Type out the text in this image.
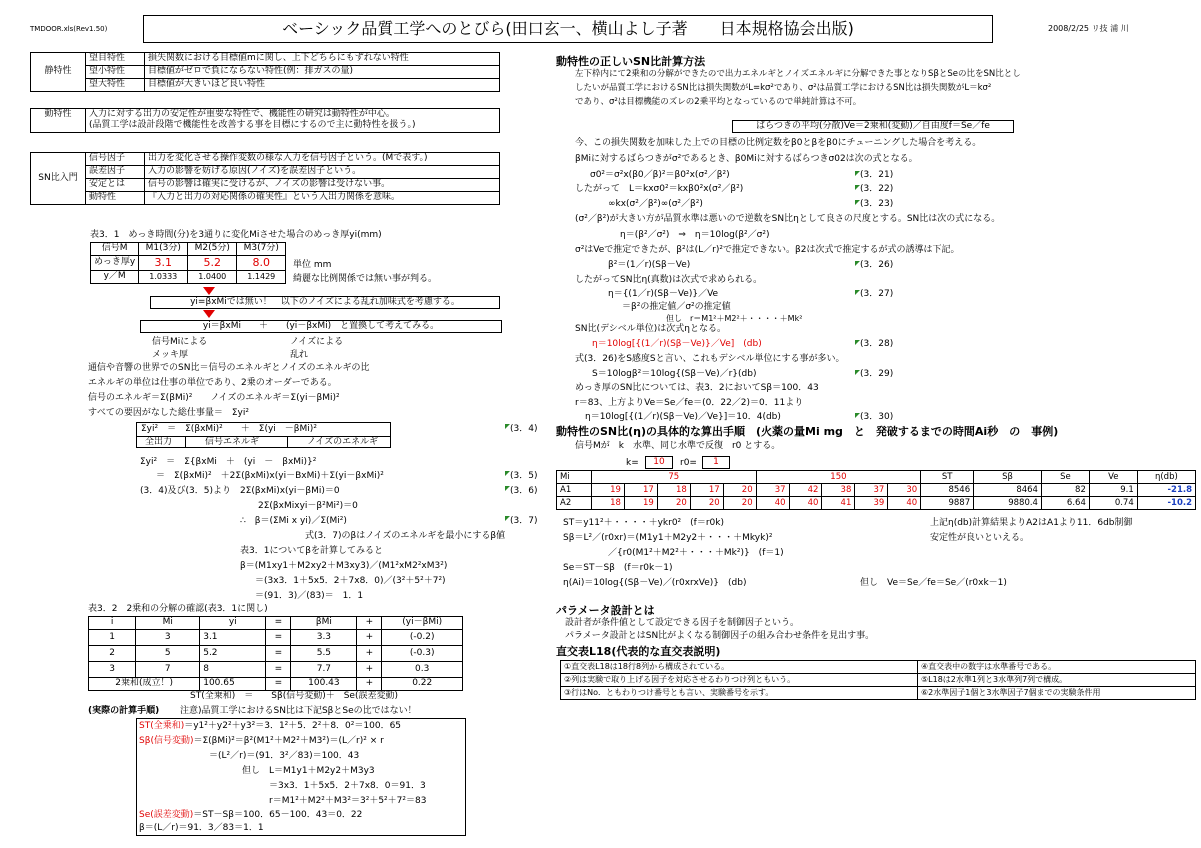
TMDOOR.xls(Rev1.50)	ベーシック品質工学へのとびら(田口玄一、横山よし子著　　日本規格協会出版)	2008/2/25 リ技 浦 川
静特性	望目特性	損失関数における目標値mに関し、上下どちらにもずれない特性
	望小特性	目標値がゼロで負にならない特性(例：排ガスの量)
	望大特性	目標値が大きいほど良い特性
動特性	入力に対する出力の安定性が重要な特性で、機能性の研究は動特性が中心。
(品質工学は設計段階で機能性を改善する事を目標にするので主に動特性を扱う。)
SN比入門	信号因子	出力を変化させる操作変数の様な入力を信号因子という。(Mで表す。)
	誤差因子	入力の影響を妨げる原因(ノイズ)を誤差因子という。
	安定とは	信号の影響は確実に受けるが、ノイズの影響は受けない事。
	動特性	『入力と出力の対応関係の確実性』という入出力関係を意味。
表3．1　めっき時間(分)を3通りに変化Miさせた場合のめっき厚yi(mm)
信号M	M1(3分)	M2(5分)	M3(7分)
めっき厚y	3.1	5.2	8.0
y／M	1.0333	1.0400	1.1429
単位 mm
綺麗な比例関係では無い事が判る。
yi=βxMiでは無い！　以下のノイズによる乱れ加味式を考慮する。
yi＝βxMi　　＋　　(yi－βxMi)　と置換して考えてみる。
信号Miによる	ノイズによる
メッキ厚	乱れ
通信や音響の世界でのSN比＝信号のエネルギとノイズのエネルギの比
エネルギの単位は仕事の単位であり、2乗のオーダーである。
信号のエネルギ＝Σ(βMi)²　　ノイズのエネルギ＝Σ(yi－βMi)²
すべての要因がなした総仕事量＝　Σyi²
Σyi²　＝　Σ(βxMi)²　　＋　Σ(yi　－βMi)²
全出力	信号エネルギ	ノイズのエネルギ
(3．4)
Σyi²　＝　Σ{βxMi　＋　(yi　－　βxMi)}²
＝　Σ(βxMi)²　＋2Σ(βxMi)x(yi－BxMi)＋Σ(yi－βxMi)²	(3．5)
(3．4)及び(3．5)より　2Σ(βxMi)x(yi－βMi)＝0	(3．6)
2Σ(βxMixyi－β²Mi²)＝0
∴　β＝(ΣMi x yi)／Σ(Mi²)	(3．7)
式(3．7)のβはノイズのエネルギを最小にするβ値
表3．1についてβを計算してみると
β＝(M1xy1＋M2xy2＋M3xy3)／(M1²xM2²xM3²)
＝(3x3．1＋5x5．2＋7x8．0)／(3²＋5²＋7²)
＝(91．3)／(83)＝　1．1
表3．2　2乗和の分解の確認(表3．1に関し)
i	Mi	yi	=	βMi	+	(yi－βMi)
1	3	3.1	=	3.3	+	(-0.2)
2	5	5.2	=	5.5	+	(-0.3)
3	7	8	=	7.7	+	0.3
2乗和(成立！)		100.65	=	100.43	+	0.22
ST(全乗和)　＝　　Sβ(信号変動)＋　Se(誤差変動)
(実際の計算手順) 注意)品質工学におけるSN比は下記SβとSeの比ではない！
ST(全乗和)＝y1²＋y2²＋y3²＝3．1²＋5．2²＋8．0²＝100．65
Sβ(信号変動)＝Σ(βMi)²＝β²(M1²＋M2²＋M3²)＝(L／r)² × r
＝(L²／r)＝(91．3²／83)＝100．43
但し　L＝M1y1＋M2y2＋M3y3
＝3x3．1＋5x5．2＋7x8．0＝91．3
r＝M1²＋M2²＋M3²＝3²＋5²＋7²＝83
Se(誤差変動)＝ST－Sβ＝100．65－100．43＝0．22
β＝(L／r)＝91．3／83＝1．1
動特性の正しいSN比計算方法
左下枠内にて2乗和の分解ができたので出力エネルギとノイズエネルギに分解できた事となりSβとSeの比をSN比とし
したいが品質工学におけるSN比は損失関数がL=kσ²であり、σ²は品質工学におけるSN比は損失関数がL＝kσ²
であり、σ²は目標機能のズレの2乗平均となっているので単純計算は不可。
ばらつきの平均(分散)Ve＝2乗和(変動)／自由度f＝Se／fe
今、この損失関数を加味した上での目標の比例定数をβ0とβをβ0にチューニングした場合を考える。
βMiに対するばらつきがσ²であるとき、β0Miに対するばらつきσ02は次の式となる。
σ0²＝σ²x(β0／β)²＝β0²x(σ²／β²)	(3．21)
したがって　L＝kxσ0²＝kxβ0²x(σ²／β²)	(3．22)
∞kx(σ²／β²)∞(σ²／β²)	(3．23)
(σ²／β²)が大きい方が品質水準は悪いので逆数をSN比ηとして良さの尺度とする。SN比は次の式になる。
η＝(β²／σ²)　⇒　η＝10log(β²／σ²)
σ²はVeで推定できたが、β²は(L／r)²で推定できない。β2は次式で推定するが式の誘導は下記。
β²＝(1／r)(Sβ－Ve)	(3．26)
したがってSN比η(真数)は次式で求められる。
η＝{(1／r)(Sβ－Ve)}／Ve	(3．27)
＝β²の推定値／σ²の推定値
但し　r＝M1²＋M2²＋・・・・＋Mk²
SN比(デシベル単位)は次式ηとなる。
η＝10log[{(1／r)(Sβ－Ve)}／Ve]　(db)	(3．28)
式(3．26)をS感度Sと言い、これもデシベル単位にする事が多い。
S＝10logβ²＝10log{(Sβ－Ve)／r}(db)	(3．29)
めっき厚のSN比については、表3．2においてSβ＝100．43
r＝83、上方よりVe＝Se／fe＝(0．22／2)＝0．11より
η＝10log[{(1／r)(Sβ－Ve)／Ve}]＝10．4(db)	(3．30)
動特性のSN比(η)の具体的な算出手順　(火薬の量Mi mg　と　発破するまでの時間Ai秒　の　事例)
信号Mが　k　水準、同じ水準で反復　r0 とする。
k=	10	r0=	1
Mi	75					150					ST	Sβ	Se	Ve	η(db)
A1	19	17	18	17	20	37	42	38	37	30	8546	8464	82	9.1	-21.8
A2	18	19	20	20	20	40	40	41	39	40	9887	9880.4	6.64	0.74	-10.2
ST＝y11²＋・・・・＋ykr0²　(f＝r0k)
Sβ＝L²／(r0xr)＝(M1y1＋M2y2＋・・・＋Mkyk)²
／{r0(M1²＋M2²＋・・・＋Mk²)}　(f＝1)
Se＝ST－Sβ　(f＝r0k－1)
η(Ai)＝10log{(Sβ－Ve)／(r0xrxVe)}　(db)	但し　Ve＝Se／fe＝Se／(r0xk－1)
上記η(db)計算結果よりA2はA1より11．6db制御
安定性が良いといえる。
パラメータ設計とは
設計者が条件値として設定できる因子を制御因子という。
パラメータ設計とはSN比がよくなる制御因子の組み合わせ条件を見出す事。
直交表L18(代表的な直交表説明)
①直交表L18は18行8列から構成されている。	④直交表中の数字は水準番号である。
②列は実験で取り上げる因子を対応させるわりつけ列ともいう。	⑤L18は2水準1列と3水準列7列で構成。
③行はNo．ともわりつけ番号とも言い、実験番号を示す。	⑥2水準因子1個と3水準因子7個までの実験条件用
